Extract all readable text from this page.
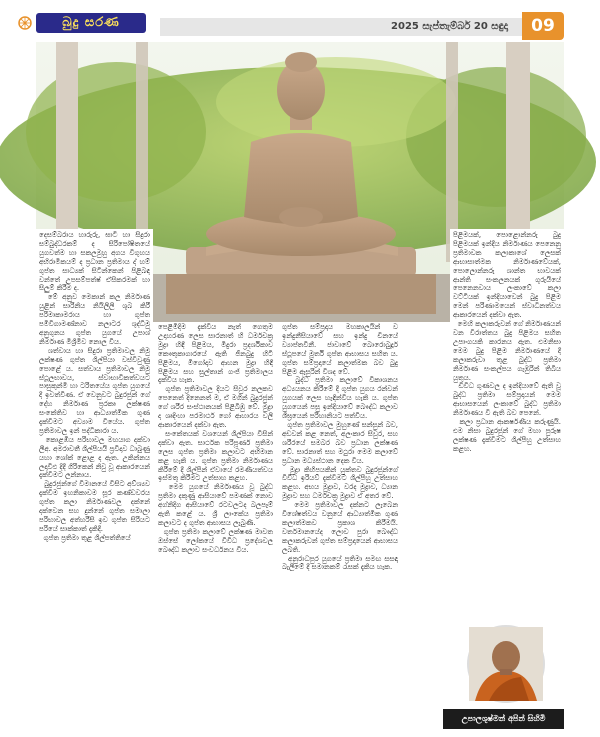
බුදු සරණ	2025 සැප්තැම්බර් 20 සඳුදා	09
දෙසම්බරාය හාරුරු, ඝාටී හා සිදුරා සම්බුද්ධරකම් ද සිරිපෝෂිතයේ යුගවත්ම හා සකලමුහු අගය විගුහය අභිරාමිකයම් ද ප්‍රධාන ප්‍රතිමාය ද් හම් ගුප්ත සාධ්‍යක් සිටින්කෙන් පිළිබඳ වන්තේ උපසම්පත්ෂ් ඒසිකරමක් හා සිලුම් කිරීම ද.
මේ අනුව මෙකාන් කල නිර්මාණ යුළින් සාරිනිය නියිලිලි ශුබ කිරී පරිමාකාමරාය හා ගුප්ත පමිවිගාමණ්නාව නලාටර ශුද්ධිමු අනුගුනය ගුප්ත යුගයේ උපාශ් නිර්මාණ මිශ්‍රීමිව නොල විය.
ශත්වාය හා සිදුරා ප්‍රතිමාවල නිමු ලක්ෂණ ගුප්ත ශිල්පියා වස්වීවුණු පොළේ ය. සත්වාය ප්‍රතිමාවල නිමු ස්ථූලභාවය, ස්වාභාවිකත්වයට පාසුකුන්මි හා ටරිතයේය ගුප්ත යුගයේ දී ඉවත්විණ. ඒ වෙනුවට බුදුරජුන් ගේ දේහ නිර්මාණ ප්‍රරකෘ ලක්ෂණ සංකේතිව හා ආධ්‍යාත්මික ගුණ දැක්වීමට අව්‍යාම වියේය. ගුප්ත ප්‍රතිමාවල ඉන් පද්ධිකාරා ය.
කොළඹිය පරිභාවල මහයාග දක්වා ලීඅ. අමරාවතී ශිල්පීයයි ප්‍රවිදාව ධාබුණු යහා ශෝක් ළොළ ද ඇත. උකින්නය ලදාවිඵ දිදී ගිරිකෙන් නිවු වූ ආකාරයෙන් දැක්වීමට ලන්නාය.
බුදුරජුන්ගේ විමානයේ විසිට අව්ශ්‍යව දැක්වීම ඉහනිකාවම සූර කණ්ඩවරය ගුප්ත කලා නිර්මාණවල දක්නේ දක්වෙන සහ දුන්නේ ගුප්ත සමාලා පරිභාවල අත්හරීසි ඉව ගුප්ත සිරියට පරියේ සාක්කාත් දැකිදී.
ගුප්ත ප්‍රතිමා තුළ ශිල්පත්තියේ
පෙළීමිදිම දැක්වීය නැත් ගෙතුම උදාහරණ ලෙස සාරනාත් හි ධර්මචක්‍ර මුද්‍රා හිඳී පිළිමය, මිදුරා ප්‍රදර්ශිකාව කෞතුකාගාරයේ ඇති ජිනබුදු හිටි පිළිමය, මිගෝදාව ආහන මුද්‍රා හිඳී පිළිමය සහ සුල්තාන් ගංජ් ප්‍රතිමාලය දැක්විය හැක.
ගුප්ත ප්‍රතිමාවල දියට සිවුර නලකව පෙනෙත් දිනෙනත් ම, ඒ මගින් බුදුරජුන් ගේ ශරීර සංස්ථානයක් පිළිබිඹු වේ. මුද්‍රා ද ශෘදිංහා පරමාර්ථ ගෝ ආහාරය වලි ආකාරයෙන් දක්වා ඇත.
සංකේතයක් වශයෙන් ශිල්පියා විසින් දක්වා ඇත. සාර්ථක පරිපූර්ණ ප්‍රතිමා ලෙස ගුප්ත ප්‍රතිමා කලාවට අභිමාන කළ හැකි ය. ගුප්ත ප්‍රතිමා නිර්මාණය කිරීමේ දී ශිල්පීන් ඒවායේ රමණීයත්වය ඉස්මතු කිරීමට උත්සාහ කළහ.
මෙම යුගයේ නිර්මාණය වූ බුද්ධ ප්‍රතිමා දකුණු ආසියාවේ පමණක් නොව අග්නිදිග ආසියාවේ රටවලටද බලපෑම් ඇති කළේ ය. ශ්‍රී ලාංකේය ප්‍රතිමා කලාවට ද ගුප්ත ආභාසය ලැබුණි.
ගුප්ත ප්‍රතිමා කලාවේ ලක්ෂණ මාවත ඔස්සේ ලෝකයේ විවිධ ප්‍රදේශවල බෞද්ධ කලාව සංවර්ධනය විය.
ගුප්ත සම්ප්‍රදාය මහකාලයින් ව ඉන්දුනීසියාවේ සහ ඉන්දු චීනයේ ව්‍යාප්තවිනී. ජාවාවේ බොරොබුදූර් ස්ථූපයේ මූර්ති ගුප්ත ආභාසය සහිත ය. ගුප්ත සම්ප්‍රදායේ කලාත්මක බව බුදු පිළිම ඇසුරින් විශද වේ.
බුද්ධ ප්‍රතිමා කලාවේ විකාශනය අධ්‍යයනය කිරීමේ දී ගුප්ත යුගය රන්වන් යුගයක් ලෙස හැඳින්විය හැකි ය. ගුප්ත යුගයෙන් පසු ඉන්දියාවේ බෞද්ධ කලාව ශීඝ්‍රයෙන් පරිහානියට පත්විය.
ගුප්ත ප්‍රතිමාවල මුහුණේ සන්සුන් බව, අඩවන් කළ නෙත්, අලංකාර සිවුර, සහ ශරීරයේ සමබර බව ප්‍රධාන ලක්ෂණ වේ. සාරනාත් සහ මථුරා මෙම කලාවේ ප්‍රධාන මධ්‍යස්ථාන දෙක විය.
මුද්‍රා කිහිපයකින් යුක්තව බුදුරජුන්ගේ විවිධ ඉරියව් දැක්වීමට ශිල්පීහු උත්සාහ කළහ. අභය මුද්‍රාව, වරද මුද්‍රාව, ධ්‍යාන මුද්‍රාව සහ ධර්මචක්‍ර මුද්‍රාව ඒ අතර වේ.
මෙම ප්‍රතිමාවල දක්නට ලැබෙන විශේෂත්වය වනුයේ ආධ්‍යාත්මික ගුණ කලාත්මකව ප්‍රකාශ කිරීමයි. වර්තමානයේද ලොව පුරා බෞද්ධ කලාකරුවන් ගුප්ත සම්ප්‍රදායෙන් ආභාසය ලබති.
අනුරාධපුර යුගයේ ප්‍රතිමා සමඟ සසඳා බැලීමේ දී සමානකම් රැසක් දැකිය හැක.
පිළිමයක්, පොළොන්නරු බුදු පිළිමයක් ඉන්දීය නිර්මාණය පෙනෙනු ප්‍රතිමාවක කලාකාශේ ලෙසක් ආභාසාත්මක නිර්මාණවේයක්, පොලොන්නරු ශාන්ත භාවයක් ආන්ති සංකලනයක් ගුරුයියේ පෙනෙනවාය ලංකාවේ කලා වට්ටියක් ඉන්දියාවෙන් බුදු පිළිම මෙන් පරිණාමයෙන් ස්වාධීනත්වය ආකාරයෙන් දක්වා ඇත.
මෙහි කලාකරුවන් ගේ නිර්මාණයන් වන වීරාත්තය බුදු පිළිමය සහිත උපාංගයකි කාරනය ඇත. එමනිසා මෙම බුදු පිළිම නිර්මාණයේ දී කලාකරුවා තුළ බුද්ධ ප්‍රතිමා නිර්මාණ සංකල්පය ගැඹුරින් තිබිය යුතුය.
ඩිවිධ ගුණවල ද ඉන්දියාවේ ඇති වූ බුද්ධ ප්‍රතිමා සම්ප්‍රදායන් මෙම ආභාසයෙන් ලංකාවේ බුද්ධ ප්‍රතිමා නිර්මාණය වී ඇති බව පෙනේ.
කලා ප්‍රධාන ආකර්ෂණීය කරුණුයි. එම නිසා බුදුරජුන් ගේ මහා පුරුෂ ලක්ෂණ දැක්වීමට ශිල්පීහු උත්සාහ කළහ.
උපාලශුෂ්මන් අපින් සිහිමි
